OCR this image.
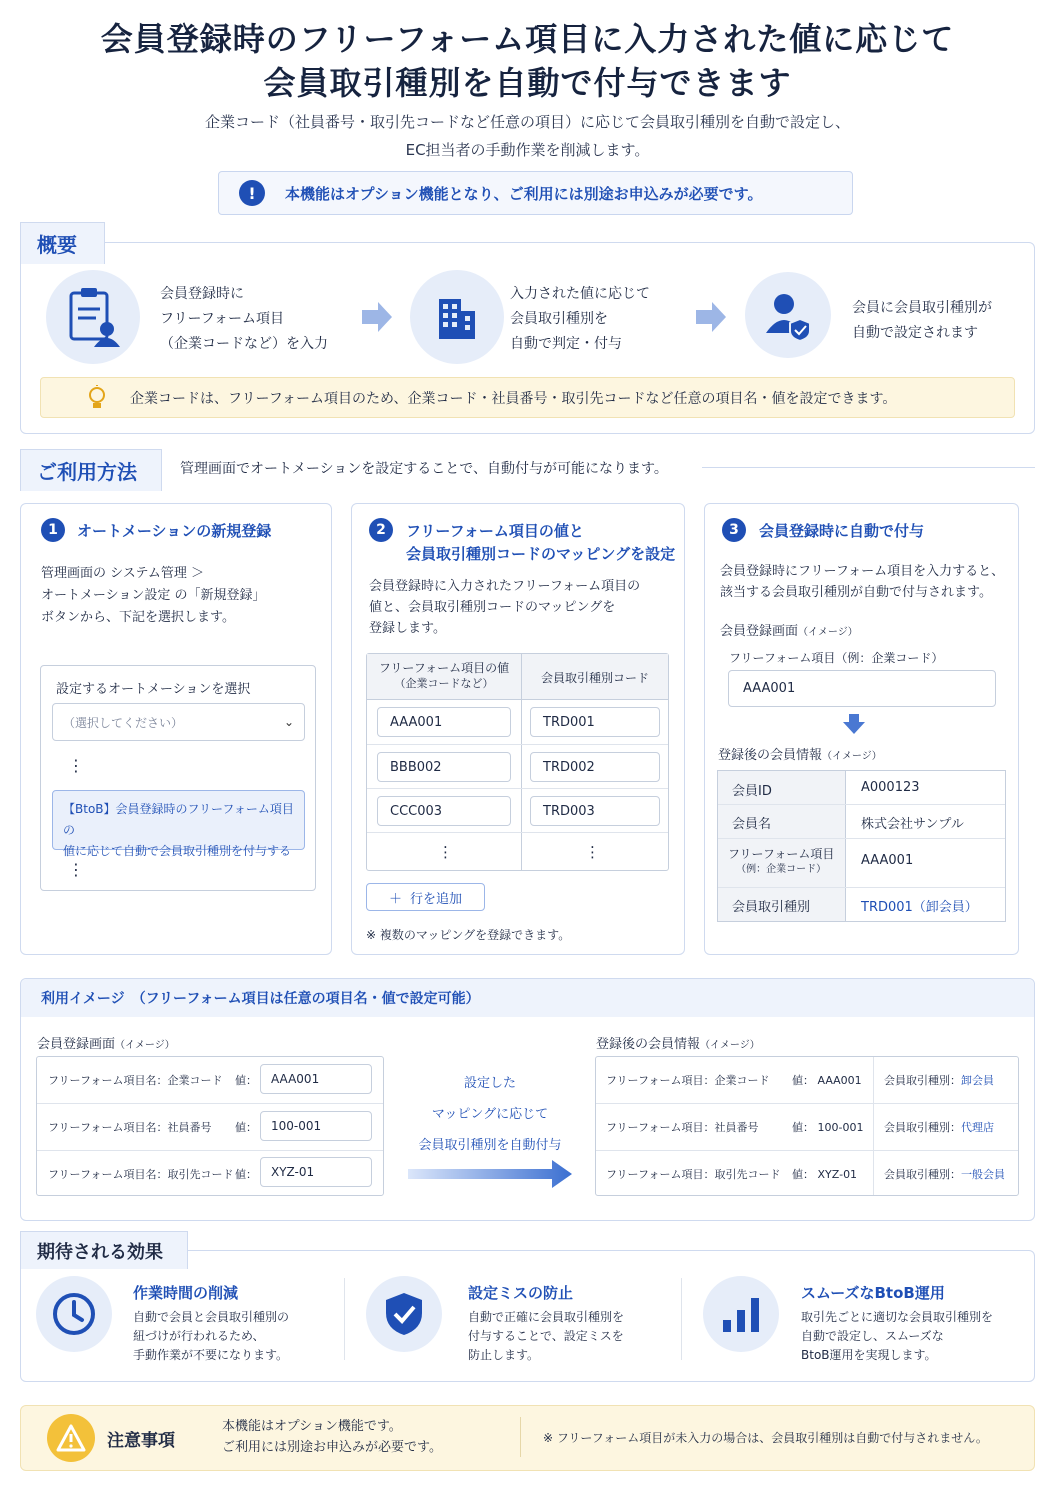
会員登録時のフリーフォーム項目に入力された値に応じて
会員取引種別を自動で付与できます
企業コード（社員番号・取引先コードなど任意の項目）に応じて会員取引種別を自動で設定し、
EC担当者の手動作業を削減します。
!	本機能はオプション機能となり、ご利用には別途お申込みが必要です。
概要
会員登録時に
フリーフォーム項目
（企業コードなど）を入力
入力された値に応じて
会員取引種別を
自動で判定・付与
会員に会員取引種別が
自動で設定されます
企業コードは、フリーフォーム項目のため、企業コード・社員番号・取引先コードなど任意の項目名・値を設定できます。
ご利用方法	管理画面でオートメーションを設定することで、自動付与が可能になります。
1	オートメーションの新規登録
管理画面の システム管理 ＞
オートメーション設定 の「新規登録」
ボタンから、下記を選択します。
設定するオートメーションを選択
（選択してください）	⌄
⋮
【BtoB】会員登録時のフリーフォーム項目の
値に応じて自動で会員取引種別を付与する
⋮
2	フリーフォーム項目の値と
会員取引種別コードのマッピングを設定
会員登録時に入力されたフリーフォーム項目の
値と、会員取引種別コードのマッピングを
登録します。
フリーフォーム項目の値
（企業コードなど）	会員取引種別コード
AAA001	TRD001
BBB002	TRD002
CCC003	TRD003
⋮	⋮
＋ 行を追加
※ 複数のマッピングを登録できます。
3	会員登録時に自動で付与
会員登録時にフリーフォーム項目を入力すると、
該当する会員取引種別が自動で付与されます。
会員登録画面（イメージ）
フリーフォーム項目（例：企業コード）
AAA001
登録後の会員情報（イメージ）
会員ID	A000123
会員名	株式会社サンプル
フリーフォーム項目
（例：企業コード）
AAA001
会員取引種別	TRD001（卸会員）
利用イメージ　（フリーフォーム項目は任意の項目名・値で設定可能）
会員登録画面（イメージ）
フリーフォーム項目名：企業コード 値：	AAA001
フリーフォーム項目名：社員番号 値：	100-001
フリーフォーム項目名：取引先コード 値：	XYZ-01
設定した
マッピングに応じて
会員取引種別を自動付与
登録後の会員情報（イメージ）
フリーフォーム項目：企業コード 値： AAA001 会員取引種別：卸会員
フリーフォーム項目：社員番号	値： 100-001 会員取引種別：代理店
フリーフォーム項目：取引先コード 値： XYZ-01 会員取引種別：一般会員
期待される効果
作業時間の削減
自動で会員と会員取引種別の
紐づけが行われるため、
手動作業が不要になります。
設定ミスの防止
自動で正確に会員取引種別を
付与することで、設定ミスを
防止します。
スムーズなBtoB運用
取引先ごとに適切な会員取引種別を
自動で設定し、スムーズな
BtoB運用を実現します。
注意事項
本機能はオプション機能です。
ご利用には別途お申込みが必要です。
※ フリーフォーム項目が未入力の場合は、会員取引種別は自動で付与されません。
